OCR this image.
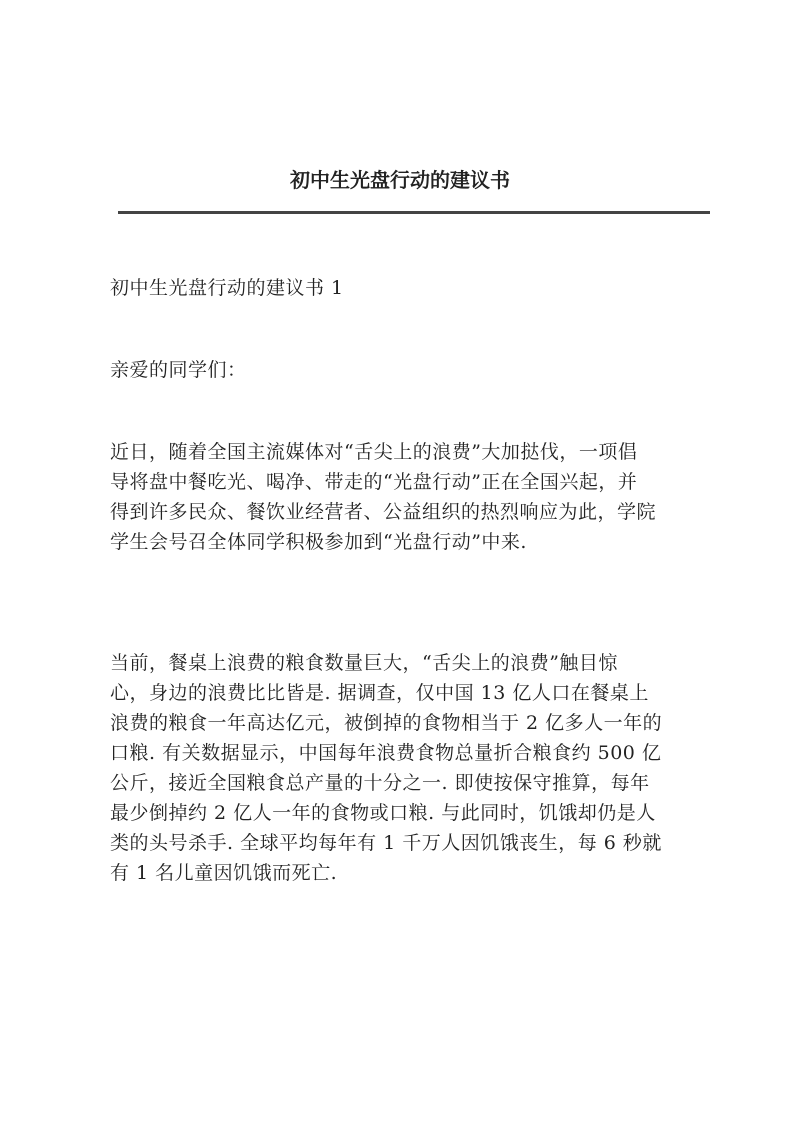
初中生光盘行动的建议书

初中生光盘行动的建议书 1

亲爱的同学们：

近日，随着全国主流媒体对“舌尖上的浪费”大加挞伐，一项倡
导将盘中餐吃光、喝净、带走的“光盘行动”正在全国兴起，并
得到许多民众、餐饮业经营者、公益组织的热烈响应为此，学院
学生会号召全体同学积极参加到“光盘行动”中来.

当前，餐桌上浪费的粮食数量巨大，“舌尖上的浪费”触目惊
心，身边的浪费比比皆是. 据调查，仅中国 13 亿人口在餐桌上
浪费的粮食一年高达亿元，被倒掉的食物相当于 2 亿多人一年的
口粮. 有关数据显示，中国每年浪费食物总量折合粮食约 500 亿
公斤，接近全国粮食总产量的十分之一. 即使按保守推算，每年
最少倒掉约 2 亿人一年的食物或口粮. 与此同时，饥饿却仍是人
类的头号杀手. 全球平均每年有 1 千万人因饥饿丧生，每 6 秒就
有 1 名儿童因饥饿而死亡.
